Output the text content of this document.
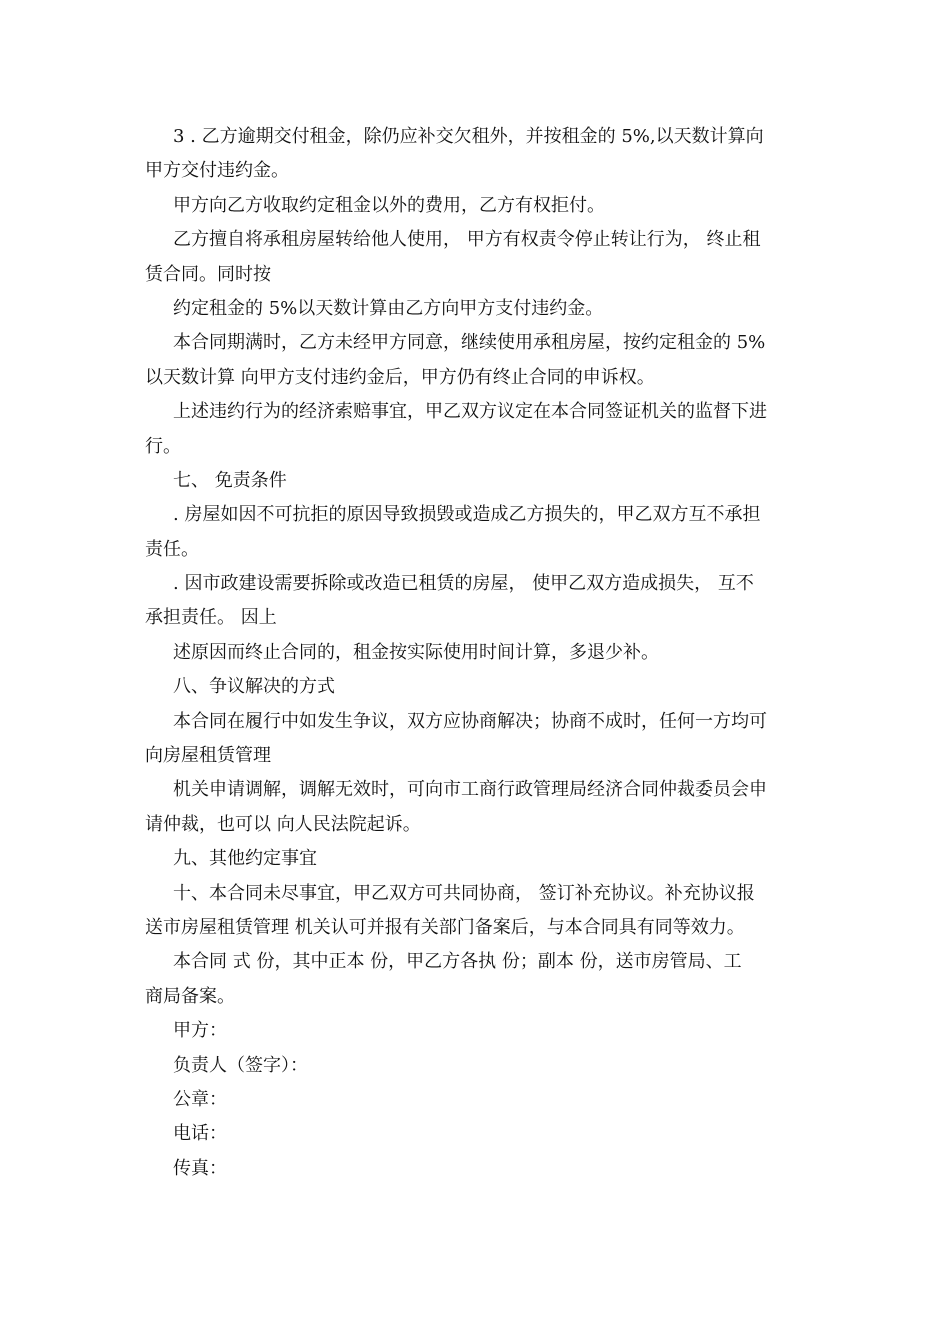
3 . 乙方逾期交付租金，除仍应补交欠租外，并按租金的 5%,以天数计算向
甲方交付违约金。
甲方向乙方收取约定租金以外的费用，乙方有权拒付。
乙方擅自将承租房屋转给他人使用， 甲方有权责令停止转让行为， 终止租
赁合同。同时按
约定租金的 5%以天数计算由乙方向甲方支付违约金。
本合同期满时，乙方未经甲方同意，继续使用承租房屋，按约定租金的 5%
以天数计算 向甲方支付违约金后，甲方仍有终止合同的申诉权。
上述违约行为的经济索赔事宜，甲乙双方议定在本合同签证机关的监督下进
行。
七、 免责条件
. 房屋如因不可抗拒的原因导致损毁或造成乙方损失的，甲乙双方互不承担
责任。
. 因市政建设需要拆除或改造已租赁的房屋， 使甲乙双方造成损失， 互不
承担责任。 因上
述原因而终止合同的，租金按实际使用时间计算，多退少补。
八、争议解决的方式
本合同在履行中如发生争议，双方应协商解决；协商不成时，任何一方均可
向房屋租赁管理
机关申请调解，调解无效时，可向市工商行政管理局经济合同仲裁委员会申
请仲裁，也可以 向人民法院起诉。
九、其他约定事宜
十、本合同未尽事宜，甲乙双方可共同协商， 签订补充协议。补充协议报
送市房屋租赁管理 机关认可并报有关部门备案后，与本合同具有同等效力。
本合同 式 份，其中正本 份，甲乙方各执 份；副本 份，送市房管局、工
商局备案。
甲方：
负责人（签字）：
公章：
电话：
传真：
